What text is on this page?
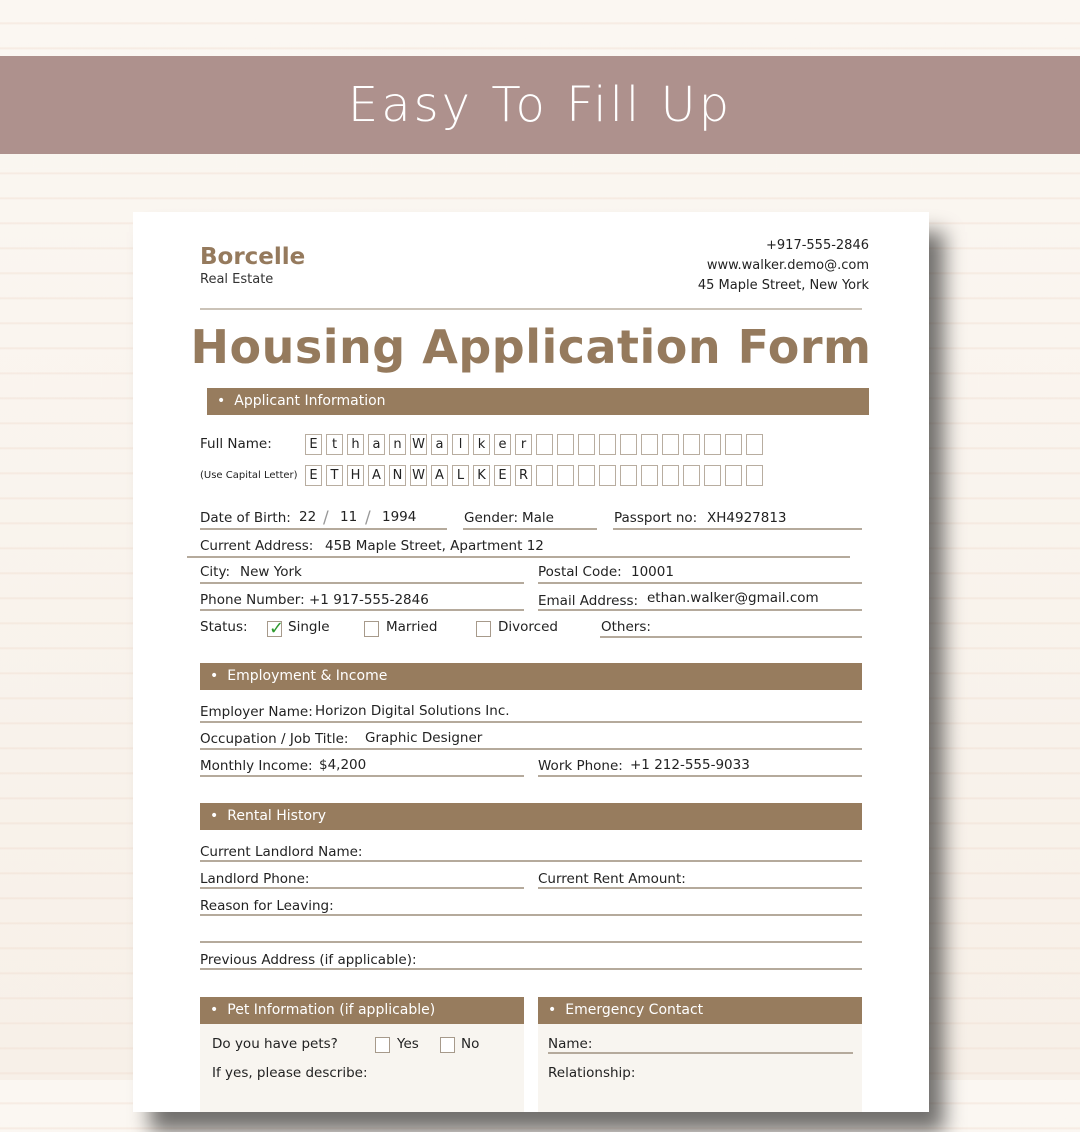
Easy To Fill Up
Borcelle
Real Estate
+917-555-2846
www.walker.demo@.com
45 Maple Street, New York
Housing Application Form
• Applicant Information
Full Name:	E	t	h a n W a	l	k	e	r
(Use Capital Letter) E T H A N W A L	K E R
Date of Birth: 22 / 11 / 1994	Gender: Male	Passport no: XH4927813
Current Address: 45B Maple Street, Apartment 12
City: New York	Postal Code: 10001
Phone Number: +1 917-555-2846	Email Address: ethan.walker@gmail.com
Status: ✓ Single	Married	Divorced	Others:
• Employment & Income
Employer Name: Horizon Digital Solutions Inc.
Occupation / Job Title: Graphic Designer
Monthly Income: $4,200	Work Phone: +1 212-555-9033
• Rental History
Current Landlord Name:
Landlord Phone:	Current Rent Amount:
Reason for Leaving:
Previous Address (if applicable):
• Pet Information (if applicable)
Do you have pets?	Yes	No
If yes, please describe:
• Emergency Contact
Name:
Relationship:
